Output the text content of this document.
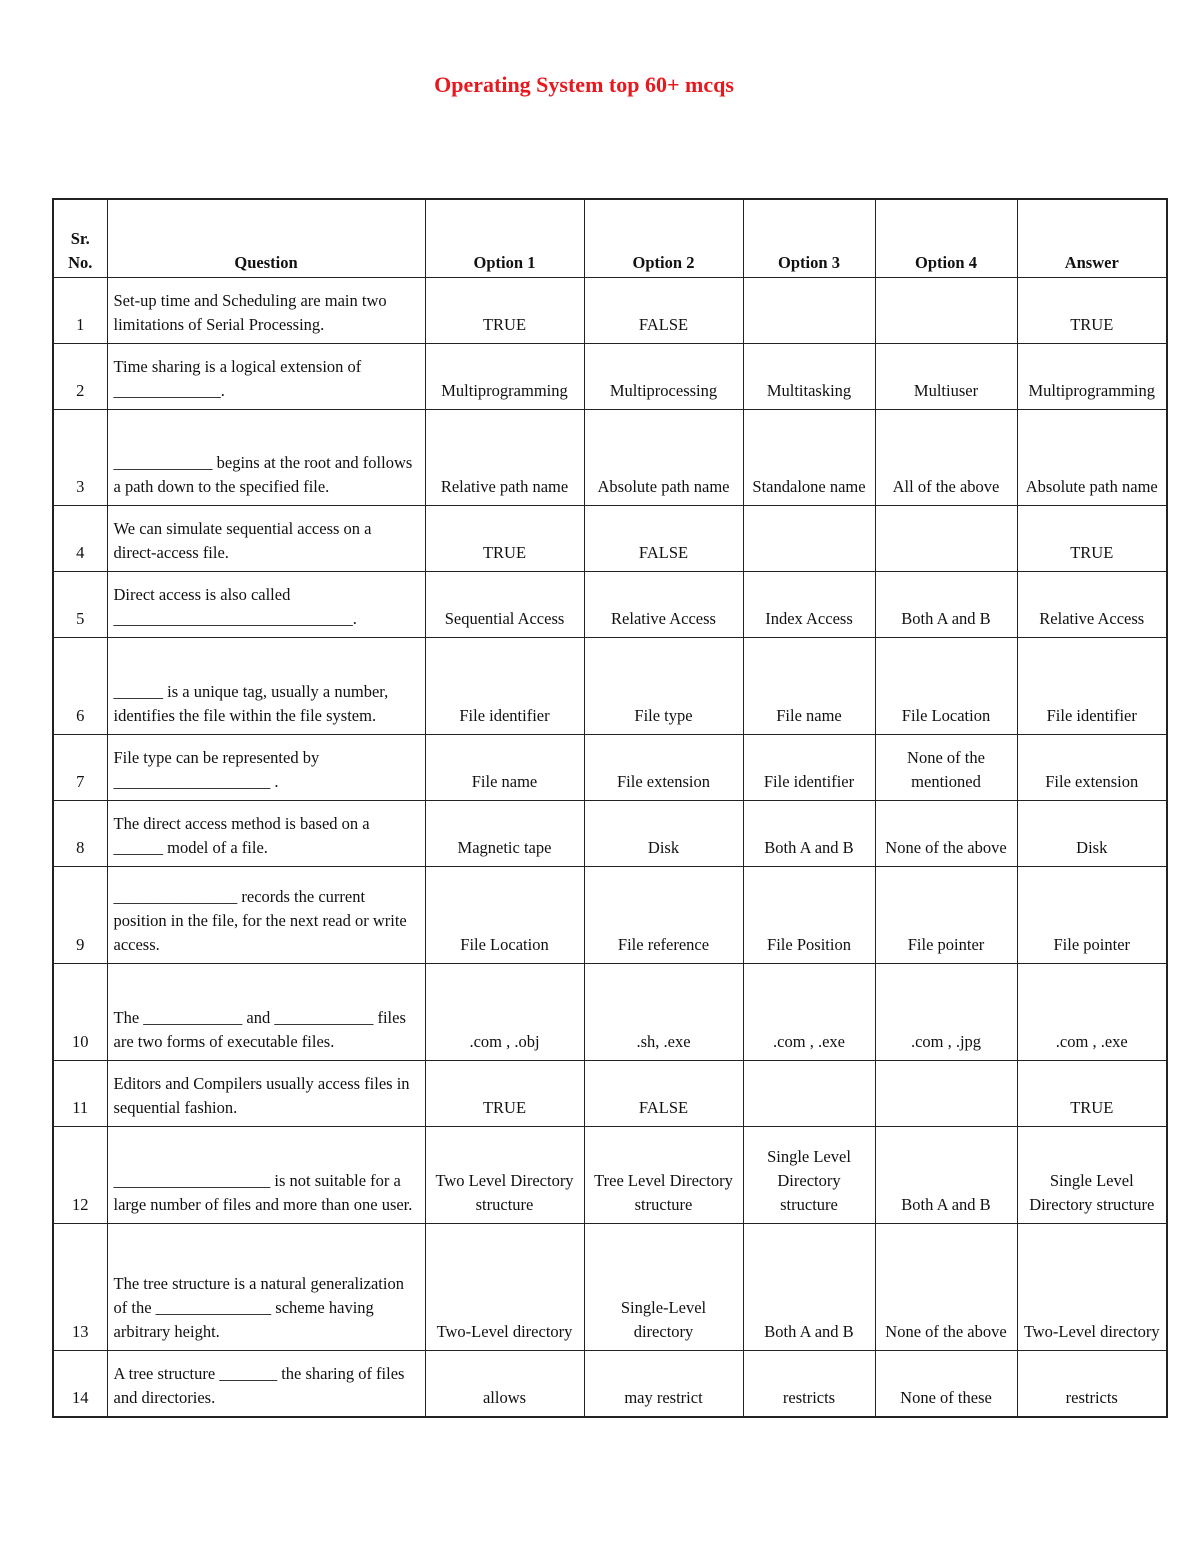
Operating System top 60+ mcqs
Sr. No.	Question	Option 1	Option 2	Option 3	Option 4	Answer
1	Set-up time and Scheduling are main two limitations of Serial Processing.	TRUE	FALSE			TRUE
2	Time sharing is a logical extension of _____________.	Multiprogramming	Multiprocessing	Multitasking	Multiuser	Multiprogramming
3	____________ begins at the root and follows a path down to the specified file.	Relative path name	Absolute path name	Standalone name	All of the above	Absolute path name
4	We can simulate sequential access on a direct-access file.	TRUE	FALSE			TRUE
5	Direct access is also called _____________________________.	Sequential Access	Relative Access	Index Access	Both A and B	Relative Access
6	______ is a unique tag, usually a number, identifies the file within the file system.	File identifier	File type	File name	File Location	File identifier
7	File type can be represented by ___________________ .	File name	File extension	File identifier	None of the mentioned	File extension
8	The direct access method is based on a ______ model of a file.	Magnetic tape	Disk	Both A and B	None of the above	Disk
9	_______________ records the current position in the file, for the next read or write access.	File Location	File reference	File Position	File pointer	File pointer
10	The ____________ and ____________ files are two forms of executable files.	.com , .obj	.sh, .exe	.com , .exe	.com , .jpg	.com , .exe
11	Editors and Compilers usually access files in sequential fashion.	TRUE	FALSE			TRUE
12	___________________ is not suitable for a large number of files and more than one user.	Two Level Directory structure	Tree Level Directory structure	Single Level Directory structure	Both A and B	Single Level Directory structure
13	The tree structure is a natural generalization of the ______________ scheme having arbitrary height.	Two-Level directory	Single-Level directory	Both A and B	None of the above	Two-Level directory
14	A tree structure _______ the sharing of files and directories.	allows	may restrict	restricts	None of these	restricts
